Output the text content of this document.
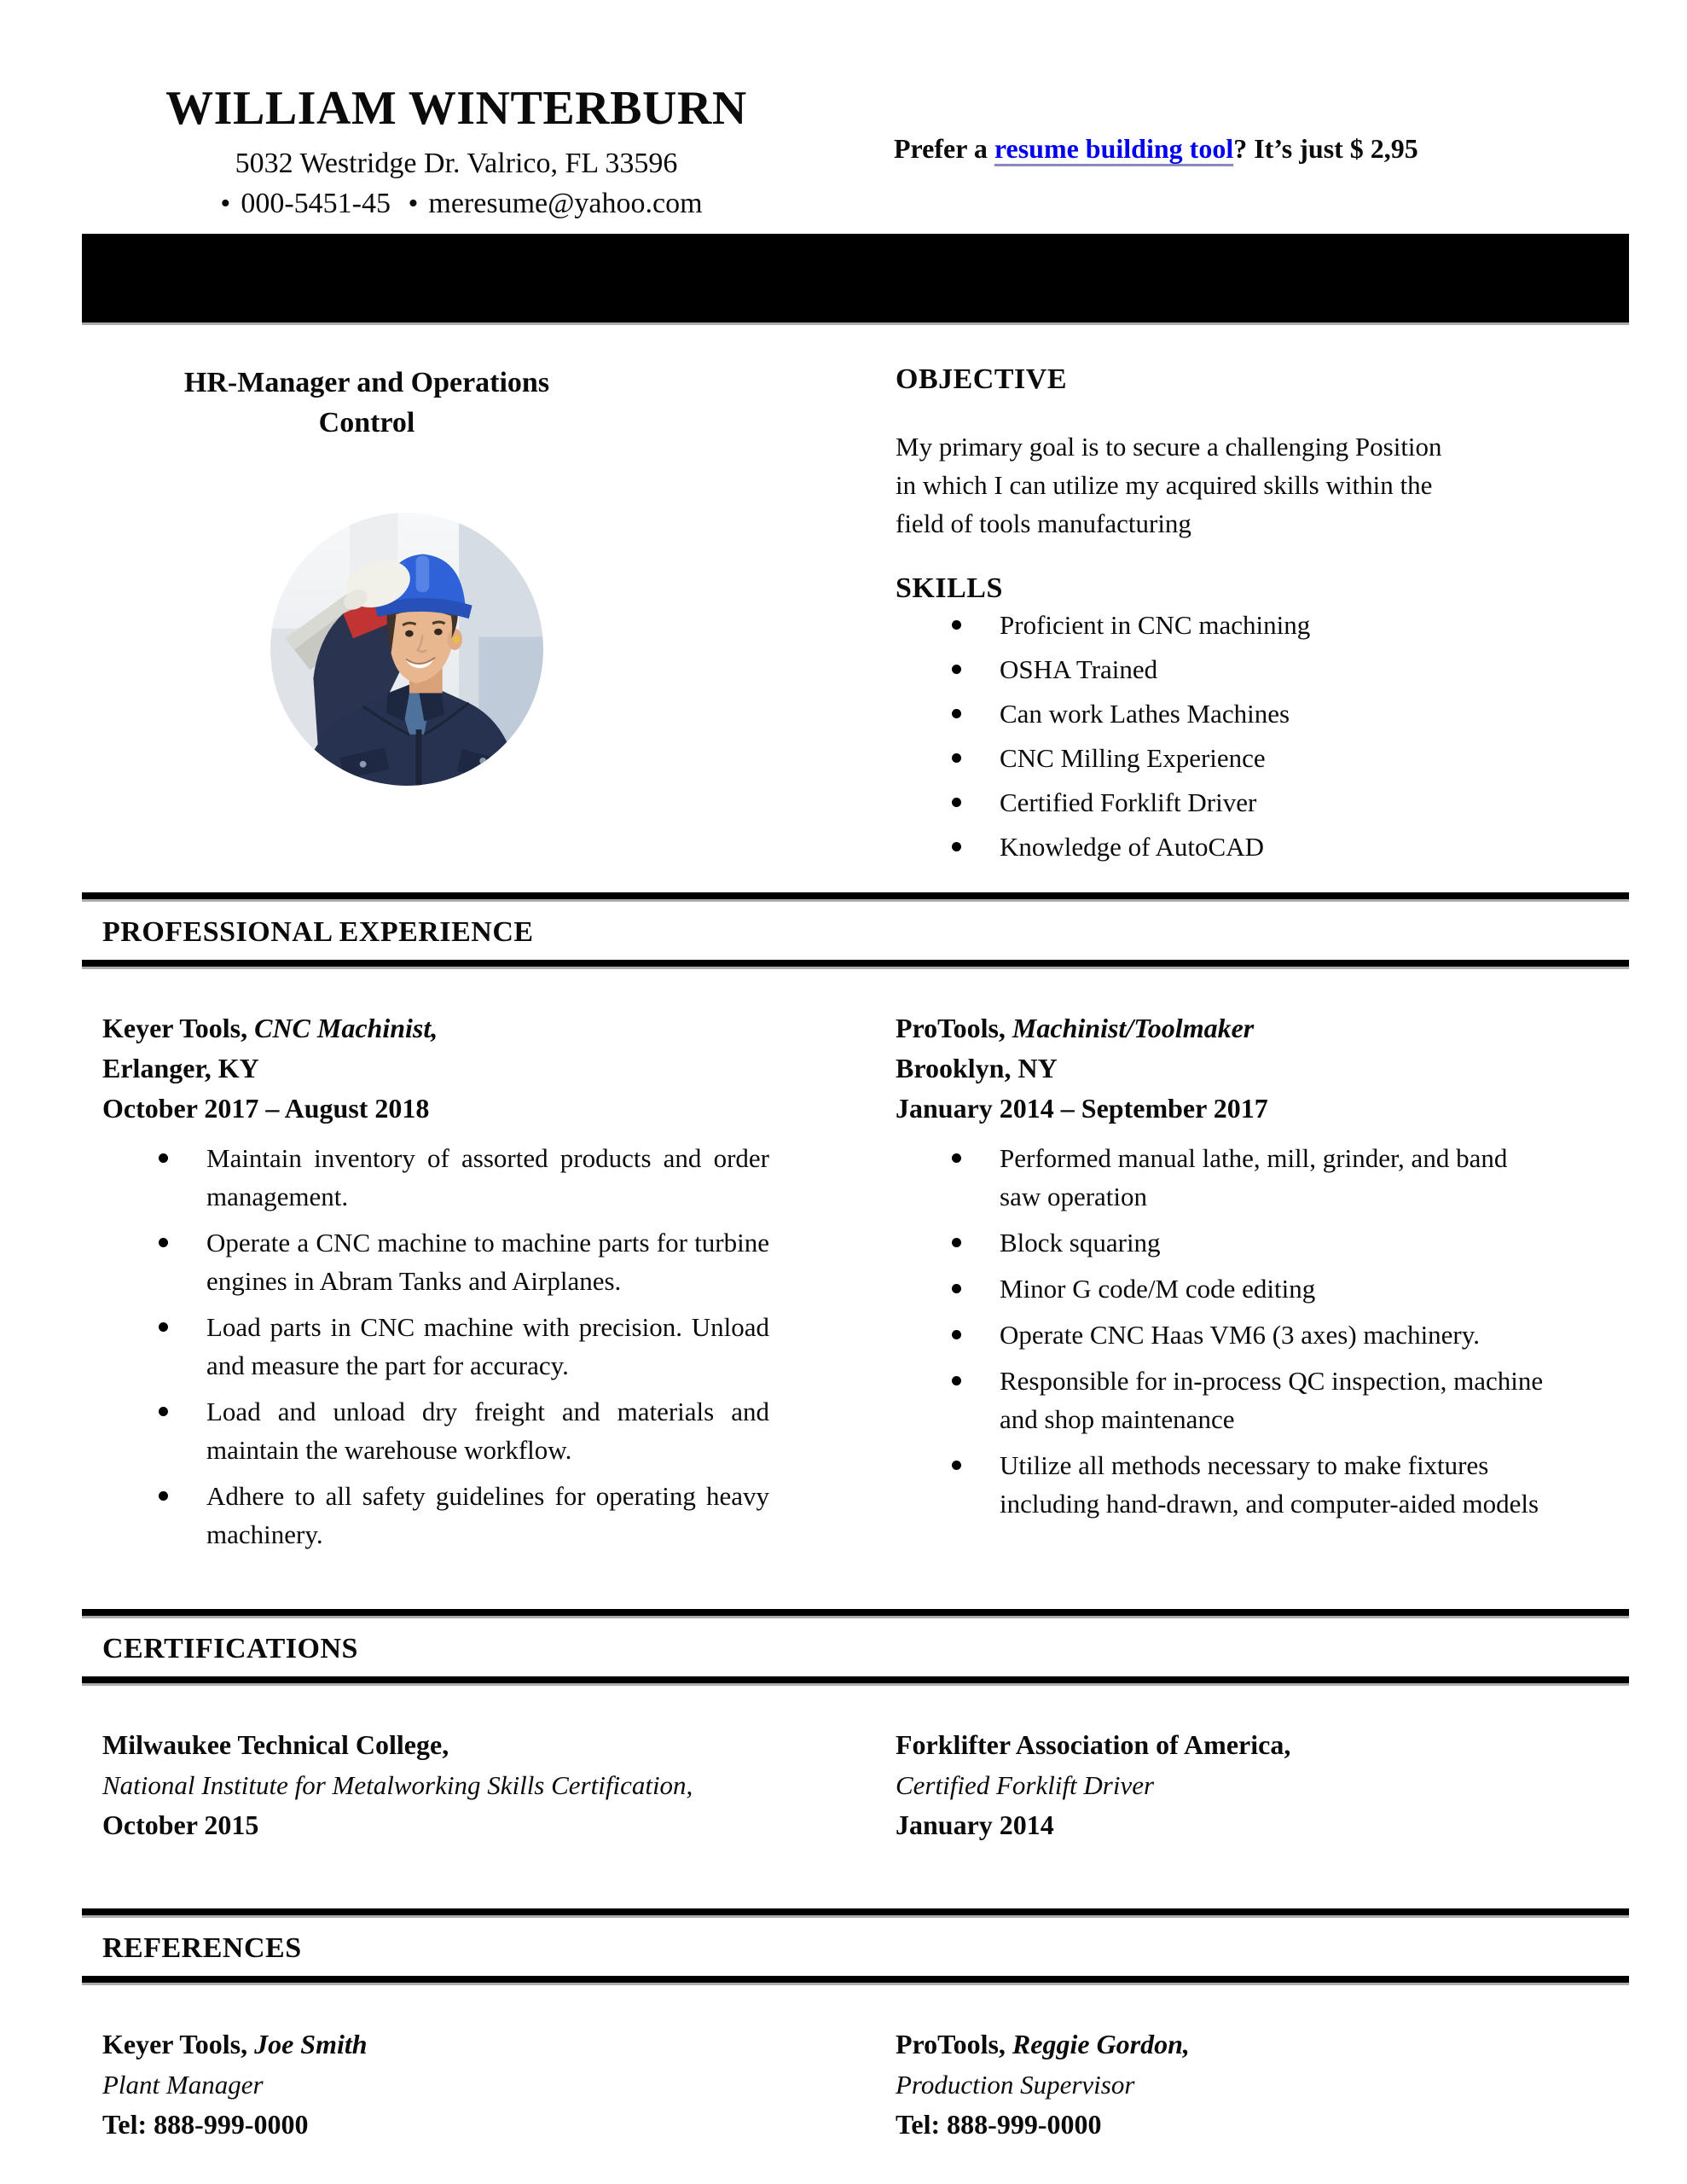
WILLIAM WINTERBURN
5032 Westridge Dr. Valrico, FL 33596
• 000-5451-45 • meresume@yahoo.com
Prefer a resume building tool? It’s just $ 2,95
HR-Manager and Operations Control
OBJECTIVE

My primary goal is to secure a challenging Position in which I can utilize my acquired skills within the field of tools manufacturing

SKILLS
Proficient in CNC machining
OSHA Trained
Can work Lathes Machines
CNC Milling Experience
Certified Forklift Driver
Knowledge of AutoCAD
PROFESSIONAL EXPERIENCE
Keyer Tools, CNC Machinist,
Erlanger, KY
October 2017 – August 2018
Maintain inventory of assorted products and order management.
Operate a CNC machine to machine parts for turbine engines in Abram Tanks and Airplanes.
Load parts in CNC machine with precision. Unload and measure the part for accuracy.
Load and unload dry freight and materials and maintain the warehouse workflow.
Adhere to all safety guidelines for operating heavy machinery.
ProTools, Machinist/Toolmaker
Brooklyn, NY
January 2014 – September 2017
Performed manual lathe, mill, grinder, and band saw operation
Block squaring
Minor G code/M code editing
Operate CNC Haas VM6 (3 axes) machinery.
Responsible for in-process QC inspection, machine and shop maintenance
Utilize all methods necessary to make fixtures including hand-drawn, and computer-aided models
CERTIFICATIONS
Milwaukee Technical College,
National Institute for Metalworking Skills Certification,
October 2015
Forklifter Association of America,
Certified Forklift Driver
January 2014
REFERENCES
Keyer Tools, Joe Smith
Plant Manager
Tel: 888-999-0000
ProTools, Reggie Gordon,
Production Supervisor
Tel: 888-999-0000
